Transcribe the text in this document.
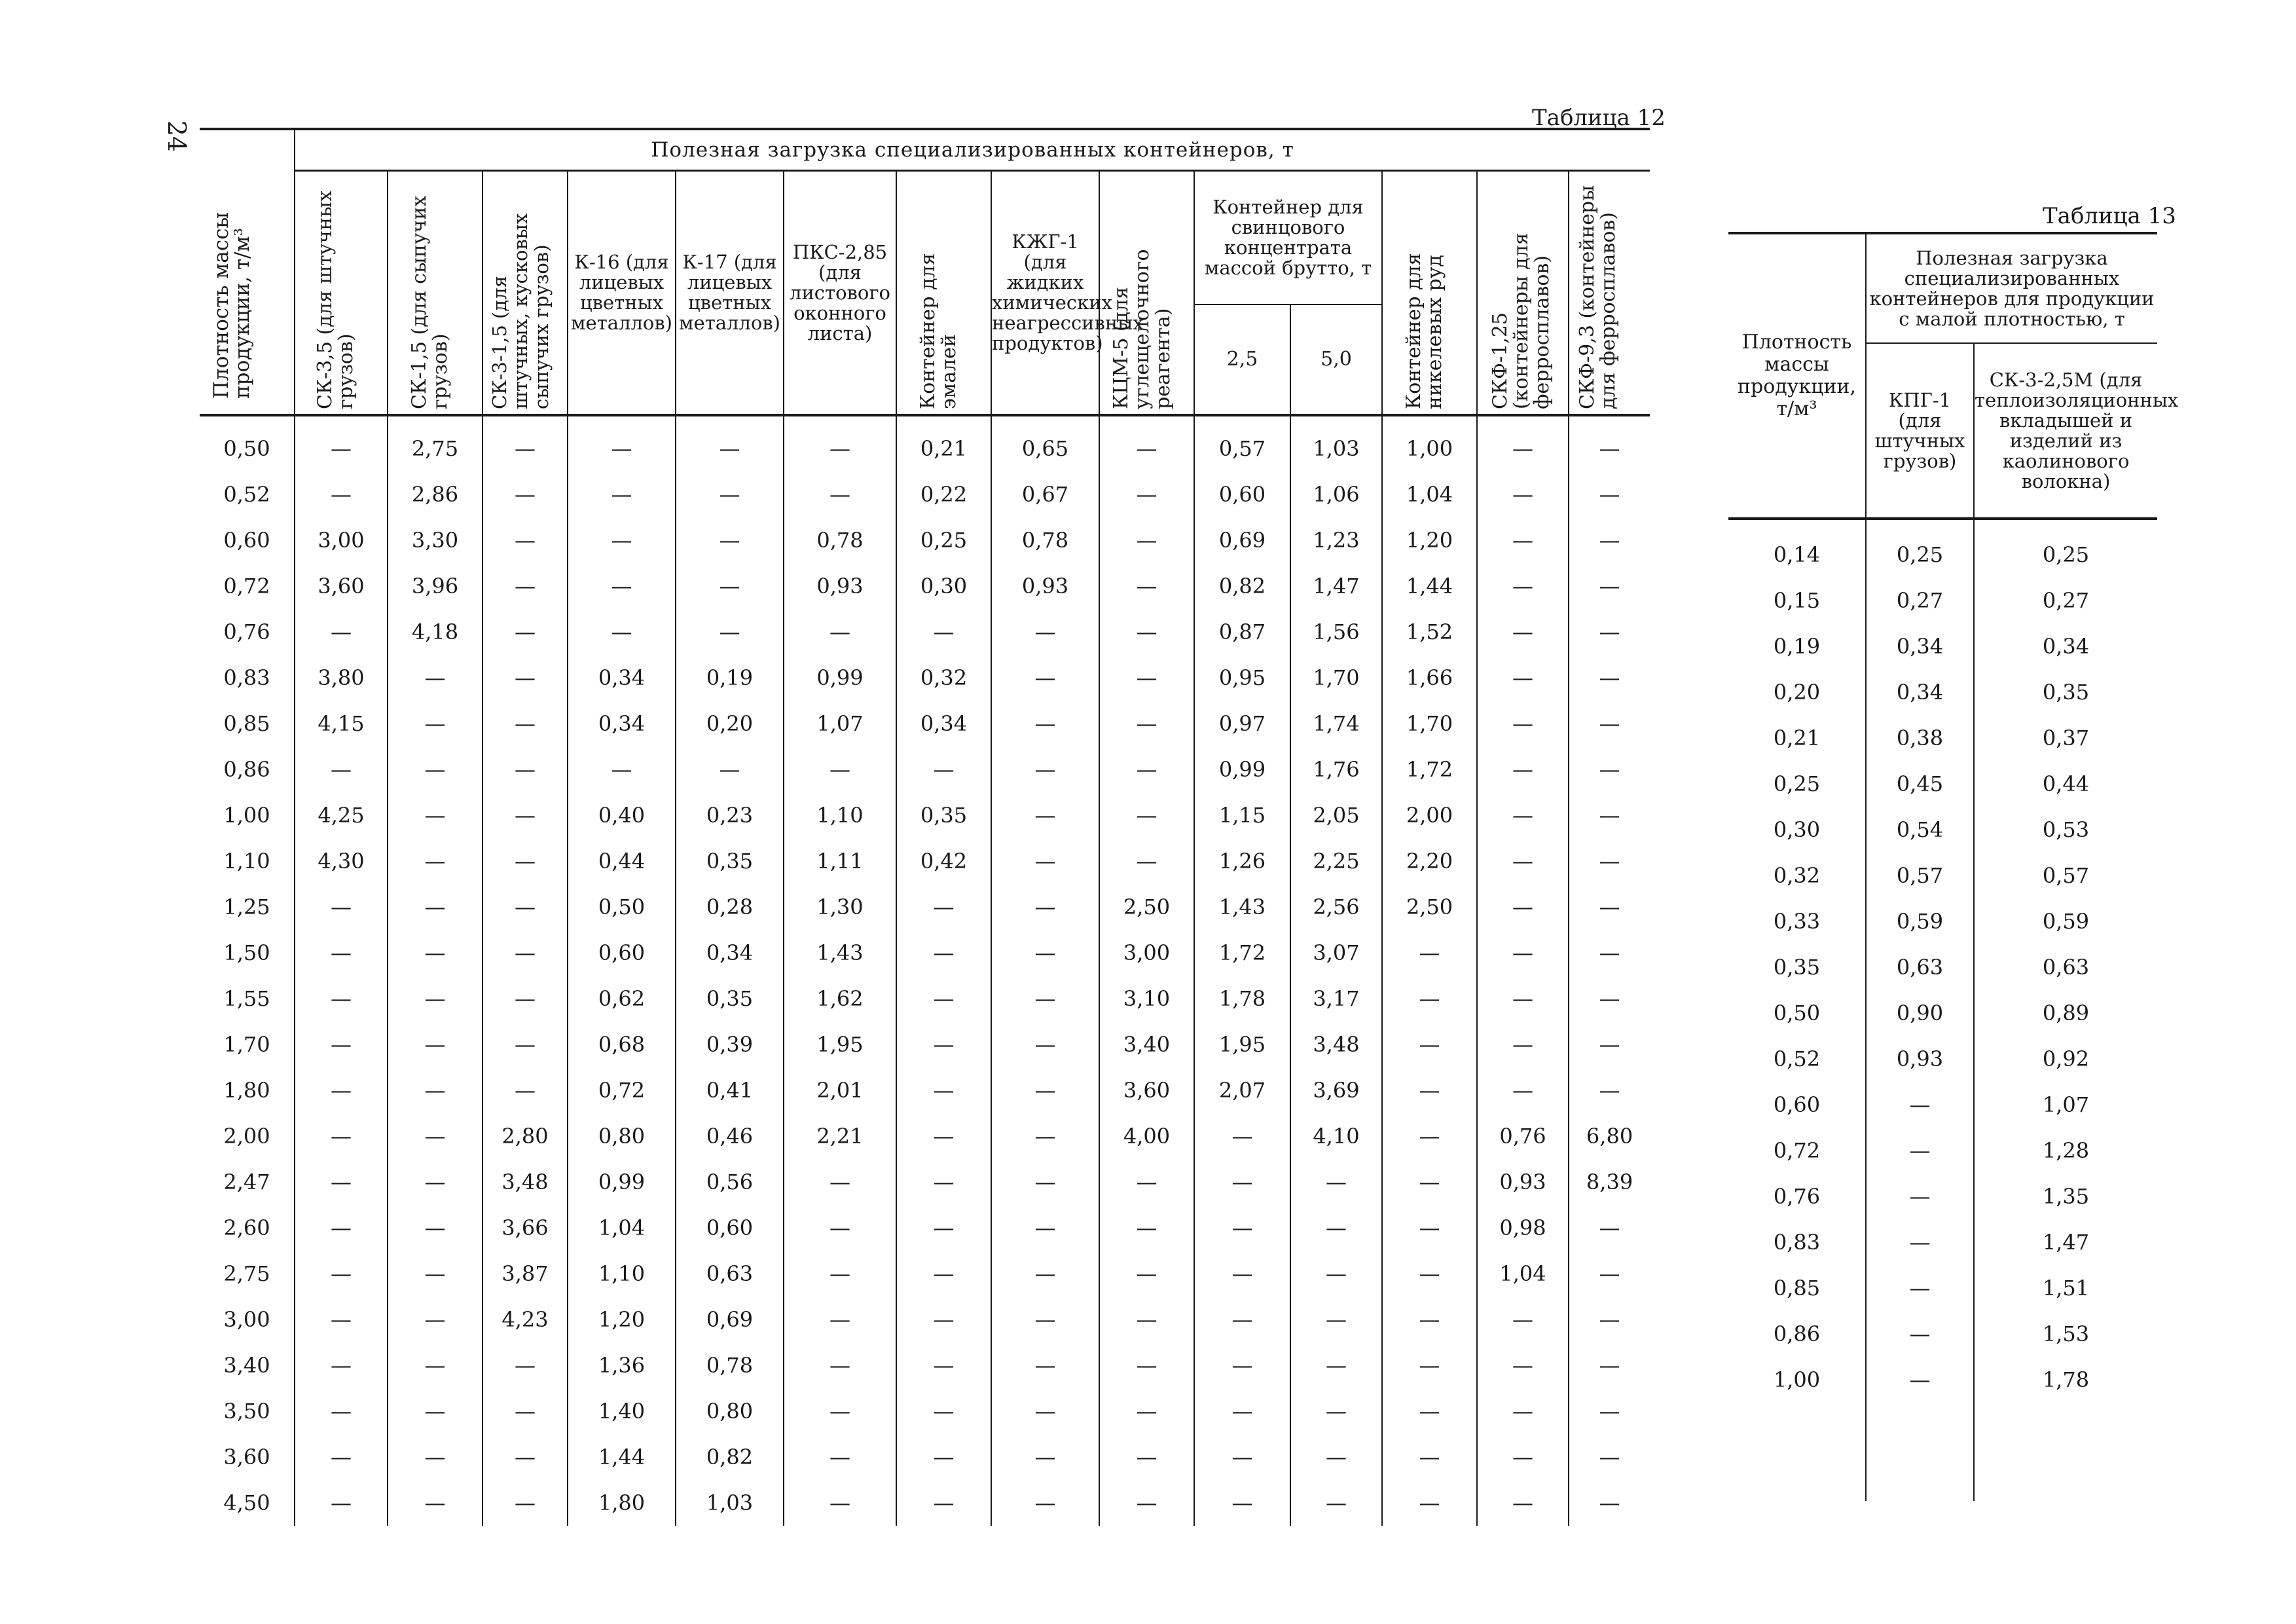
24
Таблица 12
Плотность массы продукции, т/м³	Полезная загрузка специализированных контейнеров, т													
	СК-3,5 (для штучных грузов)	СК-1,5 (для сыпучих грузов)	СК-3-1,5 (для штучных, кусковых сыпучих грузов)	К-16 (для лицевых цветных металлов)	К-17 (для лицевых цветных металлов)	ПКС-2,85 (для листового оконного листа)	Контейнер для эмалей	КЖГ-1 (для жидких химических неагрессивных продуктов)	КЦМ-5 (для углещелочного реагента)	Контейнер для свинцового концентрата массой брутто, т		Контейнер для никелевых руд	СКФ-1,25 (контейнеры для ферросплавов)	СКФ-9,3 (контейнеры для ферросплавов)
										2,5	5,0			
0,50	—	2,75	—	—	—	—	0,21	0,65	—	0,57	1,03	1,00	—	—
0,52	—	2,86	—	—	—	—	0,22	0,67	—	0,60	1,06	1,04	—	—
0,60	3,00	3,30	—	—	—	0,78	0,25	0,78	—	0,69	1,23	1,20	—	—
0,72	3,60	3,96	—	—	—	0,93	0,30	0,93	—	0,82	1,47	1,44	—	—
0,76	—	4,18	—	—	—	—	—	—	—	0,87	1,56	1,52	—	—
0,83	3,80	—	—	0,34	0,19	0,99	0,32	—	—	0,95	1,70	1,66	—	—
0,85	4,15	—	—	0,34	0,20	1,07	0,34	—	—	0,97	1,74	1,70	—	—
0,86	—	—	—	—	—	—	—	—	—	0,99	1,76	1,72	—	—
1,00	4,25	—	—	0,40	0,23	1,10	0,35	—	—	1,15	2,05	2,00	—	—
1,10	4,30	—	—	0,44	0,35	1,11	0,42	—	—	1,26	2,25	2,20	—	—
1,25	—	—	—	0,50	0,28	1,30	—	—	2,50	1,43	2,56	2,50	—	—
1,50	—	—	—	0,60	0,34	1,43	—	—	3,00	1,72	3,07	—	—	—
1,55	—	—	—	0,62	0,35	1,62	—	—	3,10	1,78	3,17	—	—	—
1,70	—	—	—	0,68	0,39	1,95	—	—	3,40	1,95	3,48	—	—	—
1,80	—	—	—	0,72	0,41	2,01	—	—	3,60	2,07	3,69	—	—	—
2,00	—	—	2,80	0,80	0,46	2,21	—	—	4,00	—	4,10	—	0,76	6,80
2,47	—	—	3,48	0,99	0,56	—	—	—	—	—	—	—	0,93	8,39
2,60	—	—	3,66	1,04	0,60	—	—	—	—	—	—	—	0,98	—
2,75	—	—	3,87	1,10	0,63	—	—	—	—	—	—	—	1,04	—
3,00	—	—	4,23	1,20	0,69	—	—	—	—	—	—	—	—	—
3,40	—	—	—	1,36	0,78	—	—	—	—	—	—	—	—	—
3,50	—	—	—	1,40	0,80	—	—	—	—	—	—	—	—	—
3,60	—	—	—	1,44	0,82	—	—	—	—	—	—	—	—	—
4,50	—	—	—	1,80	1,03	—	—	—	—	—	—	—	—	—
Таблица 13
Плотность массы продукции, т/м³	Полезная загрузка специализированных контейнеров для продукции с малой плотностью, т	
	КПГ-1 (для штучных грузов)	СК-3-2,5М (для теплоизоляционных вкладышей и изделий из каолинового волокна)
0,14	0,25	0,25
0,15	0,27	0,27
0,19	0,34	0,34
0,20	0,34	0,35
0,21	0,38	0,37
0,25	0,45	0,44
0,30	0,54	0,53
0,32	0,57	0,57
0,33	0,59	0,59
0,35	0,63	0,63
0,50	0,90	0,89
0,52	0,93	0,92
0,60	—	1,07
0,72	—	1,28
0,76	—	1,35
0,83	—	1,47
0,85	—	1,51
0,86	—	1,53
1,00	—	1,78
